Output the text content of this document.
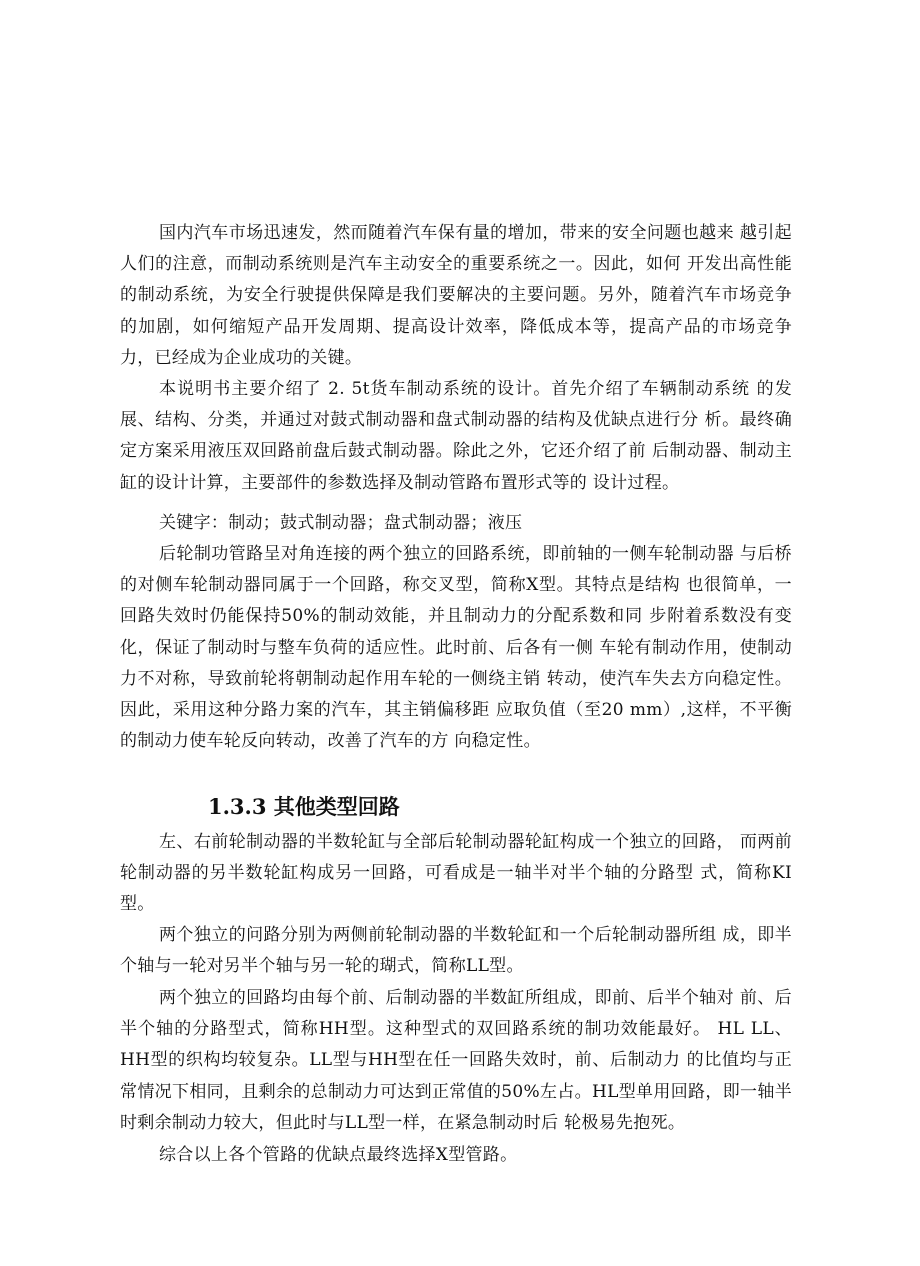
国内汽车市场迅速发，然而随着汽车保有量的增加，带来的安全问题也越来 越引起人们的注意，而制动系统则是汽车主动安全的重要系统之一。因此，如何 开发出高性能的制动系统，为安全行驶提供保障是我们要解决的主要问题。另外，随着汽车市场竞争的加剧，如何缩短产品开发周期、提高设计效率，降低成本等，提高产品的市场竞争力，已经成为企业成功的关键。

本说明书主要介绍了 2. 5t货车制动系统的设计。首先介绍了车辆制动系统 的发展、结构、分类，并通过对鼓式制动器和盘式制动器的结构及优缺点进行分 析。最终确定方案采用液压双回路前盘后鼓式制动器。除此之外，它还介绍了前 后制动器、制动主缸的设计计算，主要部件的参数选择及制动管路布置形式等的 设计过程。

关键字：制动；鼓式制动器；盘式制动器；液压

后轮制功管路呈对角连接的两个独立的回路系统，即前轴的一侧车轮制动器 与后桥的对侧车轮制动器同属于一个回路，称交叉型，简称X型。其特点是结构 也很简单，一回路失效时仍能保持50%的制动效能，并且制动力的分配系数和同 步附着系数没有变化，保证了制动时与整车负荷的适应性。此时前、后各有一侧 车轮有制动作用，使制动力不对称，导致前轮将朝制动起作用车轮的一侧绕主销 转动，使汽车失去方向稳定性。因此，采用这种分路力案的汽车，其主销偏移距 应取负值（至20 mm）,这样，不平衡的制动力使车轮反向转动，改善了汽车的方 向稳定性。

1.3.3 其他类型回路

左、右前轮制动器的半数轮缸与全部后轮制动器轮缸构成一个独立的回路， 而两前轮制动器的另半数轮缸构成另一回路，可看成是一轴半对半个轴的分路型 式，简称KI型。

两个独立的问路分别为两侧前轮制动器的半数轮缸和一个后轮制动器所组 成，即半个轴与一轮对另半个轴与另一轮的瑚式，简称LL型。

两个独立的回路均由每个前、后制动器的半数缸所组成，即前、后半个轴对 前、后半个轴的分路型式，简称HH型。这种型式的双回路系统的制功效能最好。 HL LL、HH型的织构均较复杂。LL型与HH型在任一回路失效时，前、后制动力 的比值均与正常情况下相同，且剩余的总制动力可达到正常值的50%左占。HL型单用回路，即一轴半时剩余制动力较大，但此时与LL型一样，在紧急制动时后 轮极易先抱死。

综合以上各个管路的优缺点最终选择X型管路。
